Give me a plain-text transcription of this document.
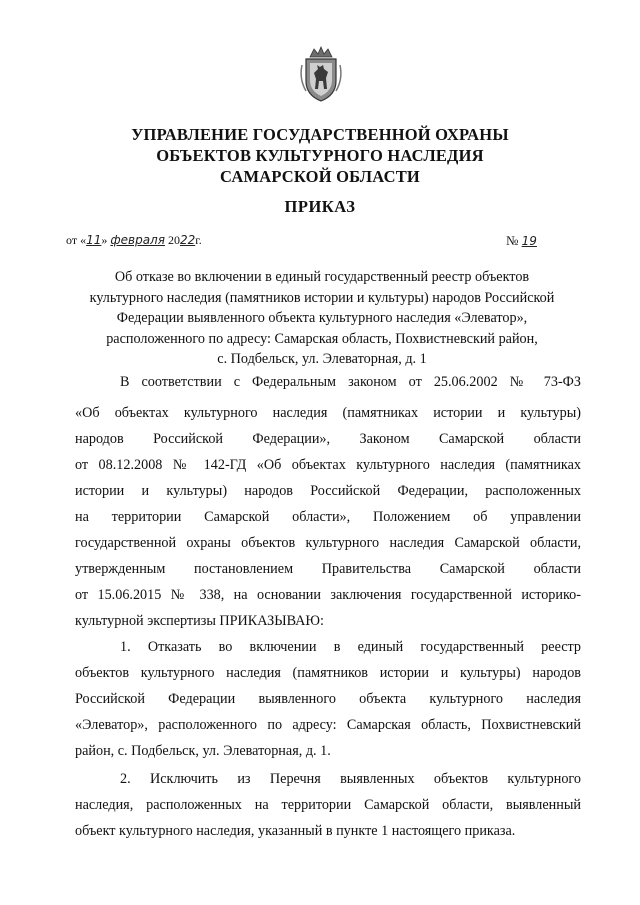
УПРАВЛЕНИЕ ГОСУДАРСТВЕННОЙ ОХРАНЫ
ОБЪЕКТОВ КУЛЬТУРНОГО НАСЛЕДИЯ
САМАРСКОЙ ОБЛАСТИ
ПРИКАЗ
от «11» февраля 2022г.	№ 19
Об отказе во включении в единый государственный реестр объектов
культурного наследия (памятников истории и культуры) народов Российской
Федерации выявленного объекта культурного наследия «Элеватор»,
расположенного по адресу: Самарская область, Похвистневский район,
с. Подбельск, ул. Элеваторная, д. 1
В соответствии с Федеральным законом от 25.06.2002 № 73-ФЗ
«Об объектах культурного наследия (памятниках истории и культуры)
народов Российской Федерации», Законом Самарской области
от 08.12.2008 № 142-ГД «Об объектах культурного наследия (памятниках
истории и культуры) народов Российской Федерации, расположенных
на территории Самарской области», Положением об управлении
государственной охраны объектов культурного наследия Самарской области,
утвержденным постановлением Правительства Самарской области
от 15.06.2015 № 338, на основании заключения государственной историко-
культурной экспертизы ПРИКАЗЫВАЮ:
1. Отказать во включении в единый государственный реестр
объектов культурного наследия (памятников истории и культуры) народов
Российской Федерации выявленного объекта культурного наследия
«Элеватор», расположенного по адресу: Самарская область, Похвистневский
район, с. Подбельск, ул. Элеваторная, д. 1.
2. Исключить из Перечня выявленных объектов культурного
наследия, расположенных на территории Самарской области, выявленный
объект культурного наследия, указанный в пункте 1 настоящего приказа.
